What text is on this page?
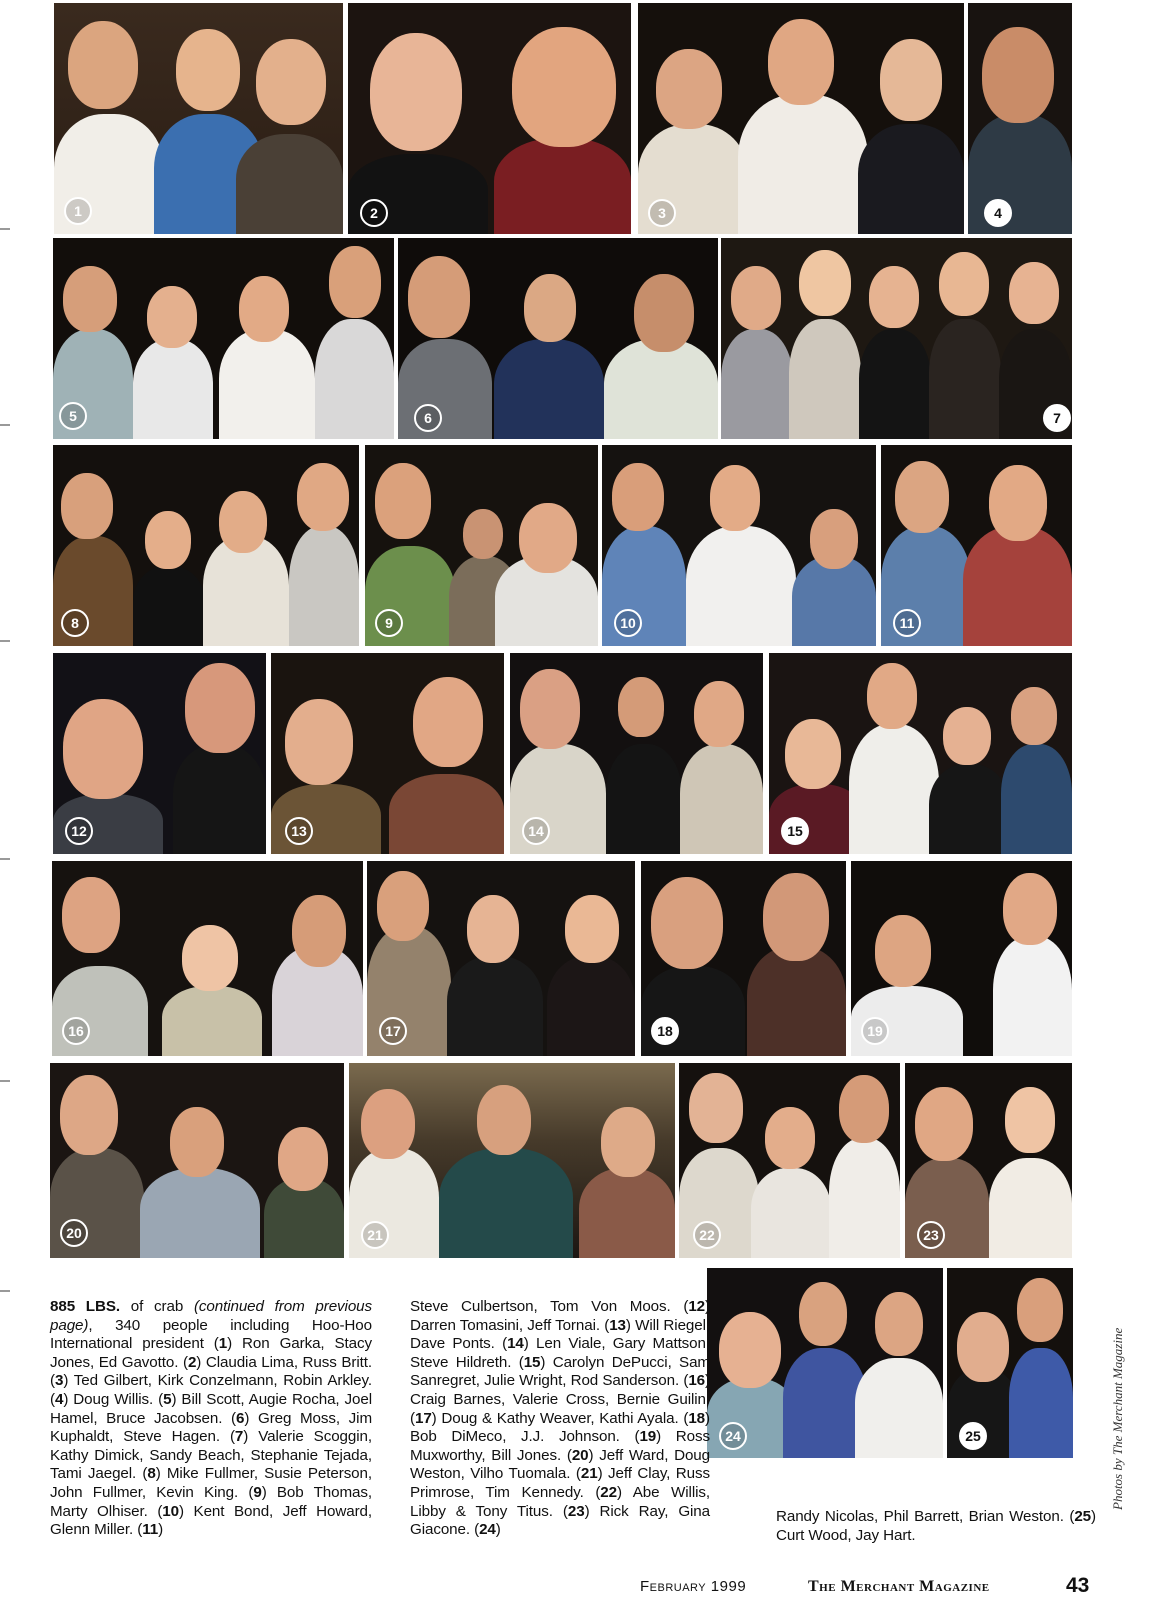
1	2	3	4
5	6	7
8	9	10	11
12	13	14	15
16	17	18	19
20	21	22	23
24	25
885 LBS. of crab (continued from previous page), 340 people including Hoo-Hoo International president (1) Ron Garka, Stacy Jones, Ed Gavotto. (2) Claudia Lima, Russ Britt. (3) Ted Gilbert, Kirk Conzelmann, Robin Arkley. (4) Doug Willis. (5) Bill Scott, Augie Rocha, Joel Hamel, Bruce Jacobsen. (6) Greg Moss, Jim Kuphaldt, Steve Hagen. (7) Valerie Scoggin, Kathy Dimick, Sandy Beach, Stephanie Tejada, Tami Jaegel. (8) Mike Fullmer, Susie Peterson, John Fullmer, Kevin King. (9) Bob Thomas, Marty Olhiser. (10) Kent Bond, Jeff Howard, Glenn Miller. (11)
Steve Culbertson, Tom Von Moos. (12) Darren Tomasini, Jeff Tornai. (13) Will Riegel, Dave Ponts. (14) Len Viale, Gary Mattson, Steve Hildreth. (15) Carolyn DePucci, Sam Sanregret, Julie Wright, Rod Sanderson. (16) Craig Barnes, Valerie Cross, Bernie Guilin. (17) Doug & Kathy Weaver, Kathi Ayala. (18) Bob DiMeco, J.J. Johnson. (19) Ross Muxworthy, Bill Jones. (20) Jeff Ward, Doug Weston, Vilho Tuomala. (21) Jeff Clay, Russ Primrose, Tim Kennedy. (22) Abe Willis, Libby & Tony Titus. (23) Rick Ray, Gina Giacone. (24)
Randy Nicolas, Phil Barrett, Brian Weston. (25) Curt Wood, Jay Hart.
Photos by The Merchant Magazine
February 1999	The Merchant Magazine	43
